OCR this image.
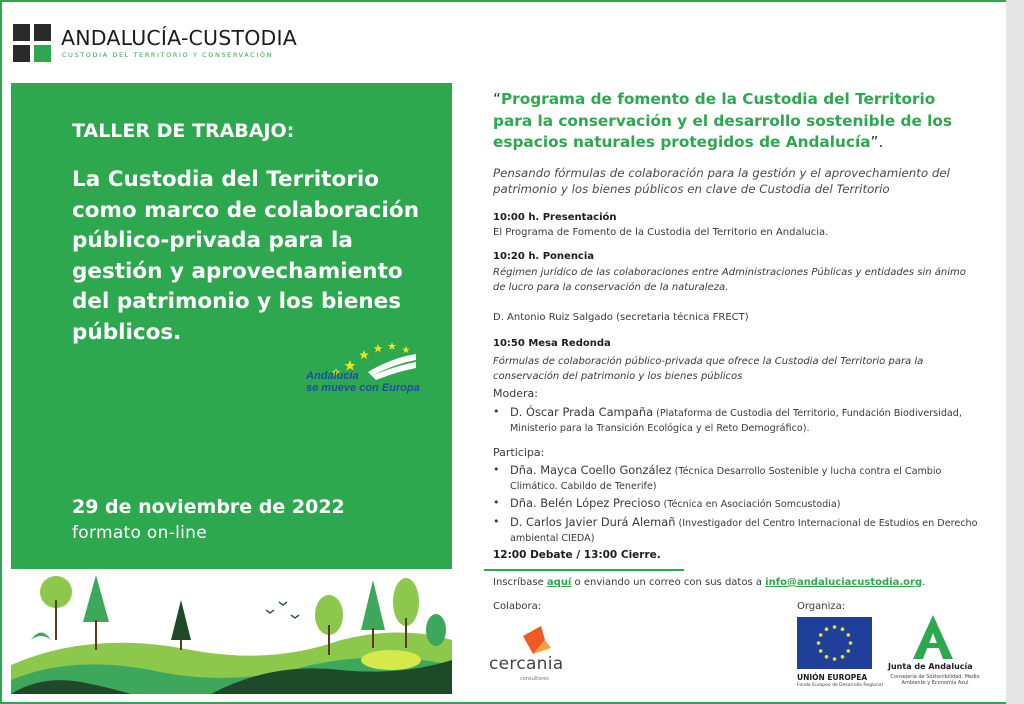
ANDALUCÍA-CUSTODIA
CUSTODIA DEL TERRITORIO Y CONSERVACIÓN
TALLER DE TRABAJO:
La Custodia del Territorio como marco de colaboración público-privada para la gestión y aprovechamiento del patrimonio y los bienes públicos.
Andalucía
se mueve con Europa
29 de noviembre de 2022
formato on-line
“Programa de fomento de la Custodia del Territorio para la conservación y el desarrollo sostenible de los espacios naturales protegidos de Andalucía”.
Pensando fórmulas de colaboración para la gestión y el aprovechamiento del patrimonio y los bienes públicos en clave de Custodia del Territorio
10:00 h. Presentación
El Programa de Fomento de la Custodia del Territorio en Andalucia.
10:20 h. Ponencia
Régimen jurídico de las colaboraciones entre Administraciones Públicas y entidades sin ánimo de lucro para la conservación de la naturaleza.
D. Antonio Ruiz Salgado (secretaria técnica FRECT)
10:50 Mesa Redonda
Fórmulas de colaboración público-privada que ofrece la Custodia del Territorio para la conservación del patrimonio y los bienes públicos
Modera:
• D. Óscar Prada Campaña (Plataforma de Custodia del Territorio, Fundación Biodiversidad, Ministerio para la Transición Ecológica y el Reto Demográfico).
Participa:
• Dña. Mayca Coello González (Técnica Desarrollo Sostenible y lucha contra el Cambio Climático. Cabildo de Tenerife)
• Dña. Belén López Precioso (Técnica en Asociación Somcustodia)
• D. Carlos Javier Durá Alemañ (Investigador del Centro Internacional de Estudios en Derecho ambiental CIEDA)
12:00 Debate / 13:00 Cierre.
Inscríbase aquí o enviando un correo con sus datos a info@andaluciacustodia.org.
Colabora:	Organiza:
cercania
consultores	UNIÓN EUROPEA
Fondo Europeo de Desarrollo Regional
Junta de Andalucía
Consejería de Sostenibilidad, Medio Ambiente y Economía Azul
